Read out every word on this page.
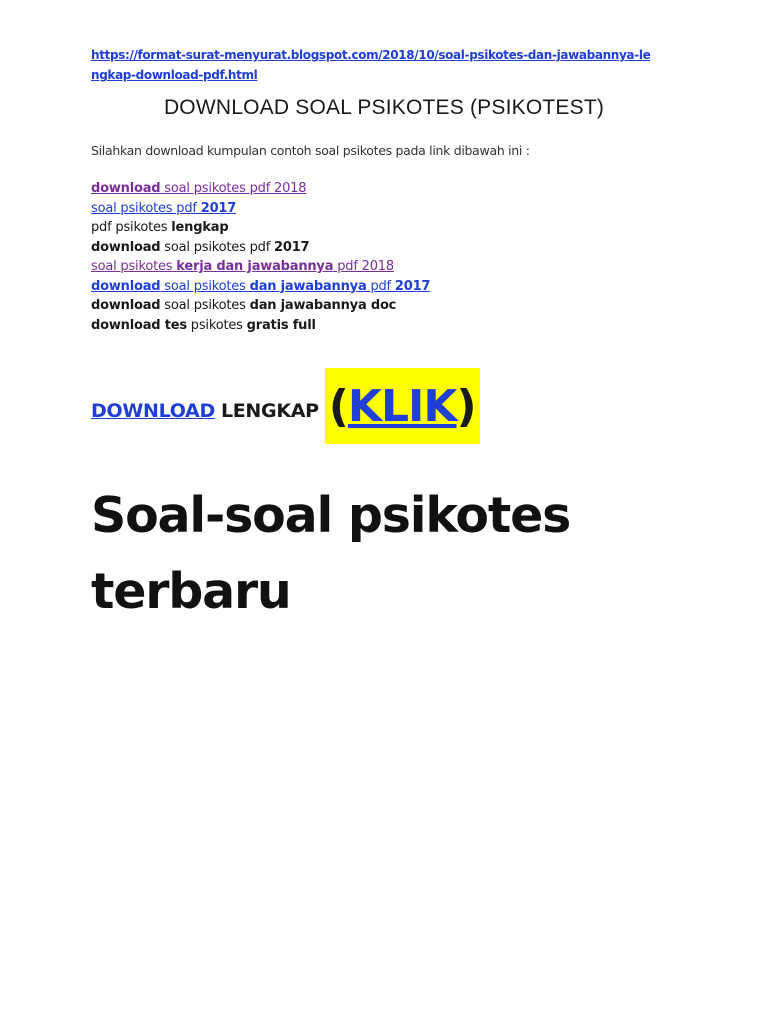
https://format-surat-menyurat.blogspot.com/2018/10/soal-psikotes-dan-jawabannya-lengkap-download-pdf.html
DOWNLOAD SOAL PSIKOTES (PSIKOTEST)
Silahkan download kumpulan contoh soal psikotes pada link dibawah ini :
download soal psikotes pdf 2018
soal psikotes pdf 2017
pdf psikotes lengkap
download soal psikotes pdf 2017
soal psikotes kerja dan jawabannya pdf 2018
download soal psikotes dan jawabannya pdf 2017
download soal psikotes dan jawabannya doc
download tes psikotes gratis full
DOWNLOAD LENGKAP ( KLIK )
Soal-soal psikotes terbaru
